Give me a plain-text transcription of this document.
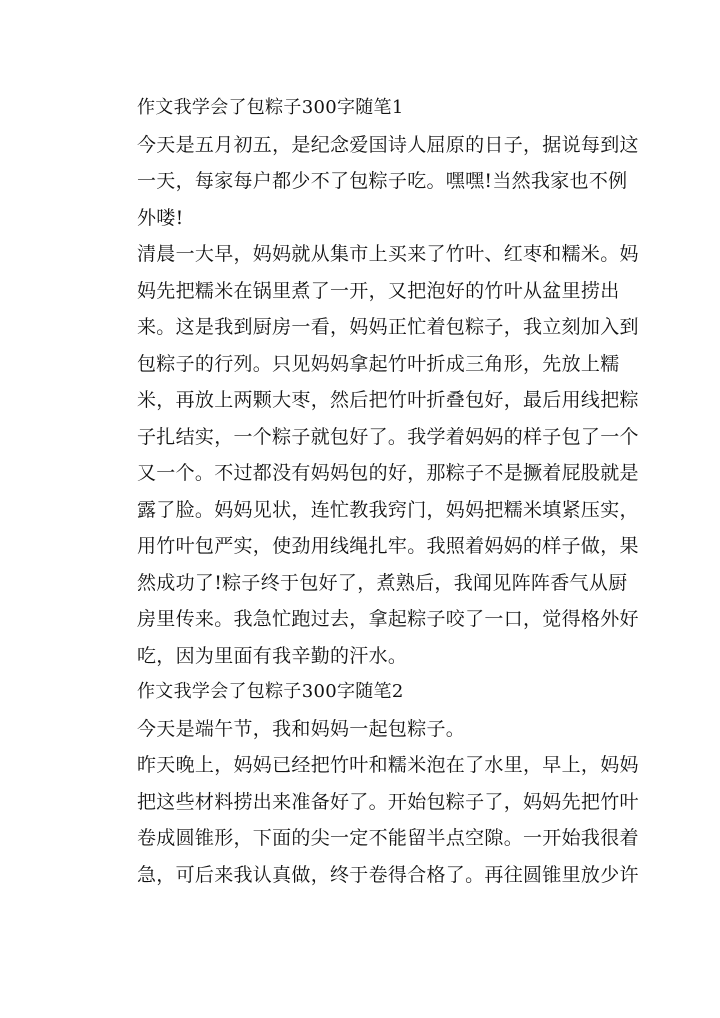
作文我学会了包粽子300字随笔1
今天是五月初五，是纪念爱国诗人屈原的日子，据说每到这
一天，每家每户都少不了包粽子吃。嘿嘿!当然我家也不例
外喽!
清晨一大早，妈妈就从集市上买来了竹叶、红枣和糯米。妈
妈先把糯米在锅里煮了一开，又把泡好的竹叶从盆里捞出
来。这是我到厨房一看，妈妈正忙着包粽子，我立刻加入到
包粽子的行列。只见妈妈拿起竹叶折成三角形，先放上糯
米，再放上两颗大枣，然后把竹叶折叠包好，最后用线把粽
子扎结实，一个粽子就包好了。我学着妈妈的样子包了一个
又一个。不过都没有妈妈包的好，那粽子不是撅着屁股就是
露了脸。妈妈见状，连忙教我窍门，妈妈把糯米填紧压实，
用竹叶包严实，使劲用线绳扎牢。我照着妈妈的样子做，果
然成功了!粽子终于包好了，煮熟后，我闻见阵阵香气从厨
房里传来。我急忙跑过去，拿起粽子咬了一口，觉得格外好
吃，因为里面有我辛勤的汗水。
作文我学会了包粽子300字随笔2
今天是端午节，我和妈妈一起包粽子。
昨天晚上，妈妈已经把竹叶和糯米泡在了水里，早上，妈妈
把这些材料捞出来准备好了。开始包粽子了，妈妈先把竹叶
卷成圆锥形，下面的尖一定不能留半点空隙。一开始我很着
急，可后来我认真做，终于卷得合格了。再往圆锥里放少许
